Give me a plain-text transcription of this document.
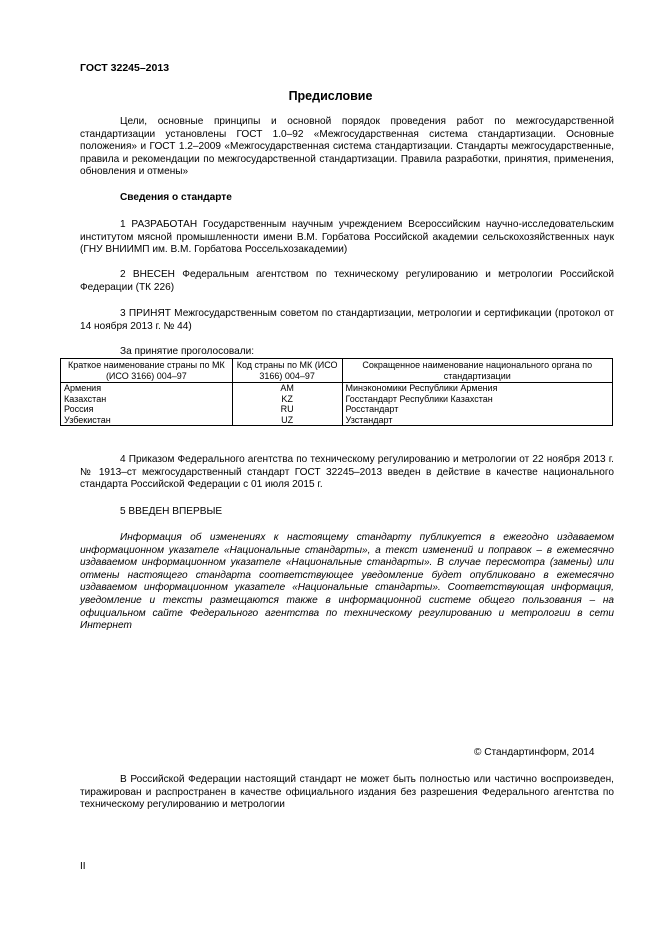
ГОСТ 32245–2013
Предисловие
Цели, основные принципы и основной порядок проведения работ по межгосударственной стандартизации установлены ГОСТ 1.0–92 «Межгосударственная система стандартизации. Основные положения» и ГОСТ 1.2–2009 «Межгосударственная система стандартизации. Стандарты межгосударственные, правила и рекомендации по межгосударственной стандартизации. Правила разработки, принятия, применения, обновления и отмены»
Сведения о стандарте
1 РАЗРАБОТАН Государственным научным учреждением Всероссийским научно-исследовательским институтом мясной промышленности имени В.М. Горбатова Российской академии сельскохозяйственных наук (ГНУ ВНИИМП им. В.М. Горбатова Россельхозакадемии)
2 ВНЕСЕН Федеральным агентством по техническому регулированию и метрологии Российской Федерации (ТК 226)
3 ПРИНЯТ Межгосударственным советом по стандартизации, метрологии и сертификации (протокол от 14 ноября 2013 г. № 44)
За принятие проголосовали:
Краткое наименование страны по МК (ИСО 3166) 004–97	Код страны по МК (ИСО 3166) 004–97	Сокращенное наименование национального органа по стандартизации
Армения	AM	Минэкономики Республики Армения
Казахстан	KZ	Госстандарт Республики Казахстан
Россия	RU	Росстандарт
Узбекистан	UZ	Узстандарт
4 Приказом Федерального агентства по техническому регулированию и метрологии от 22 ноября 2013 г. № 1913–ст межгосударственный стандарт ГОСТ 32245–2013 введен в действие в качестве национального стандарта Российской Федерации с 01 июля 2015 г.
5 ВВЕДЕН ВПЕРВЫЕ
Информация об изменениях к настоящему стандарту публикуется в ежегодно издаваемом информационном указателе «Национальные стандарты», а текст изменений и поправок – в ежемесячно издаваемом информационном указателе «Национальные стандарты». В случае пересмотра (замены) или отмены настоящего стандарта соответствующее уведомление будет опубликовано в ежемесячно издаваемом информационном указателе «Национальные стандарты». Соответствующая информация, уведомление и тексты размещаются также в информационной системе общего пользования – на официальном сайте Федерального агентства по техническому регулированию и метрологии в сети Интернет
© Стандартинформ, 2014
В Российской Федерации настоящий стандарт не может быть полностью или частично воспроизведен, тиражирован и распространен в качестве официального издания без разрешения Федерального агентства по техническому регулированию и метрологии
II
